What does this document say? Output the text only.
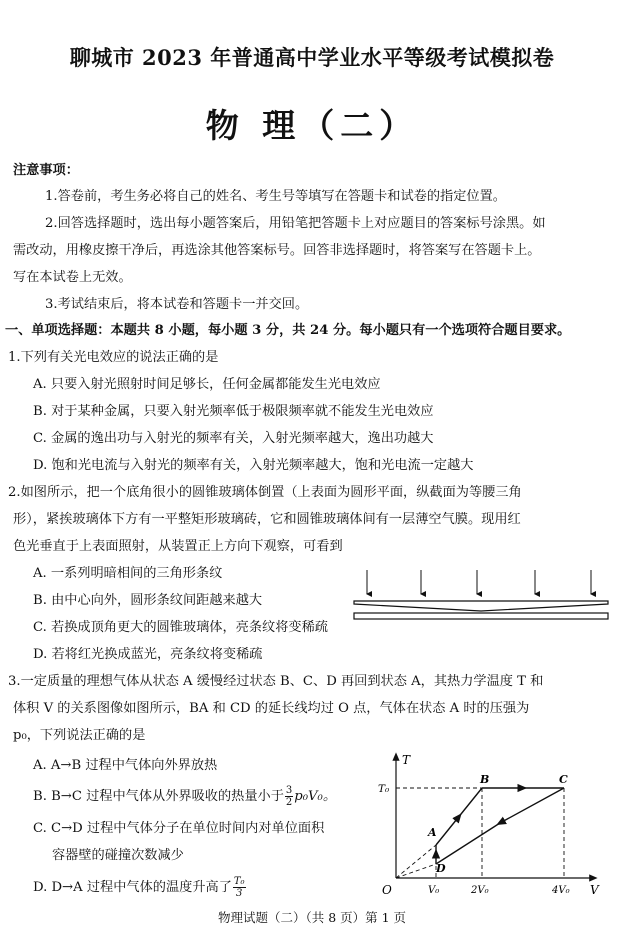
聊城市 2023 年普通高中学业水平等级考试模拟卷
物 理（二）
注意事项：
1.答卷前，考生务必将自己的姓名、考生号等填写在答题卡和试卷的指定位置。
2.回答选择题时，选出每小题答案后，用铅笔把答题卡上对应题目的答案标号涂黑。如
需改动，用橡皮擦干净后，再选涂其他答案标号。回答非选择题时，将答案写在答题卡上。
写在本试卷上无效。
3.考试结束后，将本试卷和答题卡一并交回。
一、单项选择题：本题共 8 小题，每小题 3 分，共 24 分。每小题只有一个选项符合题目要求。
1.下列有关光电效应的说法正确的是
A. 只要入射光照射时间足够长，任何金属都能发生光电效应
B. 对于某种金属，只要入射光频率低于极限频率就不能发生光电效应
C. 金属的逸出功与入射光的频率有关，入射光频率越大，逸出功越大
D. 饱和光电流与入射光的频率有关，入射光频率越大，饱和光电流一定越大
2.如图所示，把一个底角很小的圆锥玻璃体倒置（上表面为圆形平面，纵截面为等腰三角
形），紧挨玻璃体下方有一平整矩形玻璃砖，它和圆锥玻璃体间有一层薄空气膜。现用红
色光垂直于上表面照射，从装置正上方向下观察，可看到
A. 一系列明暗相间的三角形条纹
B. 由中心向外，圆形条纹间距越来越大
C. 若换成顶角更大的圆锥玻璃体，亮条纹将变稀疏
D. 若将红光换成蓝光，亮条纹将变稀疏
3.一定质量的理想气体从状态 A 缓慢经过状态 B、C、D 再回到状态 A，其热力学温度 T 和
体积 V 的关系图像如图所示，BA 和 CD 的延长线均过 O 点，气体在状态 A 时的压强为
p₀，下列说法正确的是
A. A→B 过程中气体向外界放热
B. B→C 过程中气体从外界吸收的热量小于 $\frac{3}{2} p_0V_0$。
C. C→D 过程中气体分子在单位时间内对单位面积
容器壁的碰撞次数减少
D. D→A 过程中气体的温度升高了 $\frac{\text{T₀}}{3}$
T
V
O
T₀
V₀	2V₀	4V₀
A
B	C
D
物理试题（二）（共 8 页）第 1 页
